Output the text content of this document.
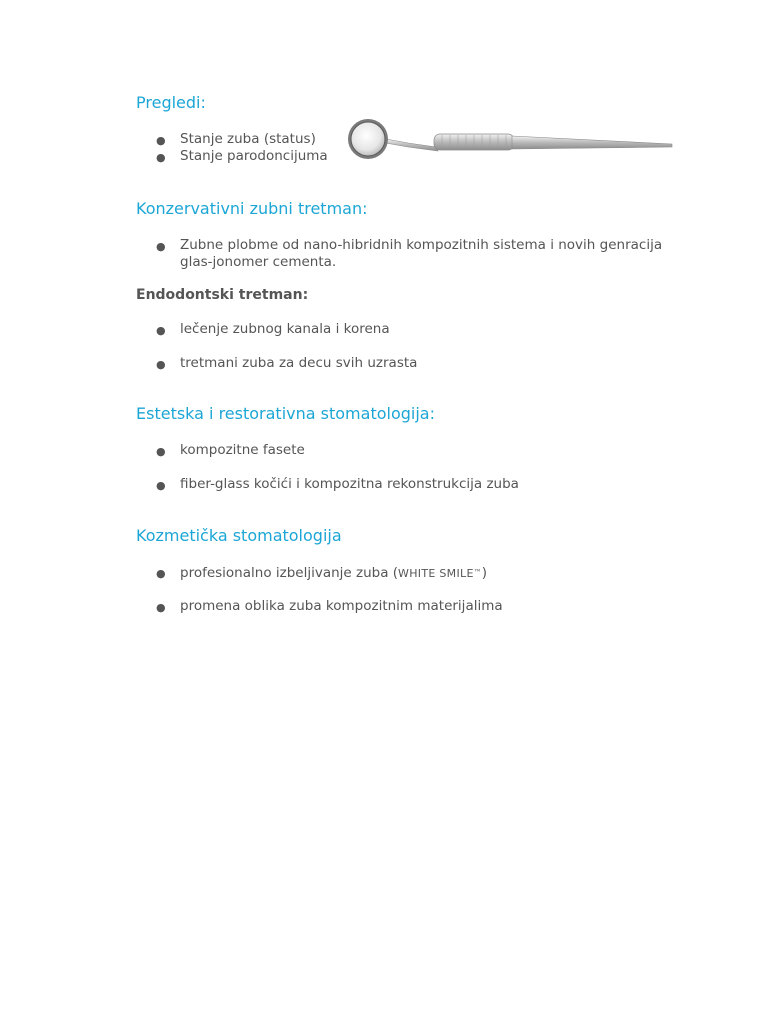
Pregledi:
● Stanje zuba (status)
● Stanje parodoncijuma
Konzervativni zubni tretman:
● Zubne plobme od nano-hibridnih kompozitnih sistema i novih genracija glas-jonomer cementa.
Endodontski tretman:
● lečenje zubnog kanala i korena
● tretmani zuba za decu svih uzrasta
Estetska i restorativna stomatologija:
● kompozitne fasete
● fiber-glass kočići i kompozitna rekonstrukcija zuba
Kozmetička stomatologija
● profesionalno izbeljivanje zuba (WHITE SMILE™)
● promena oblika zuba kompozitnim materijalima
